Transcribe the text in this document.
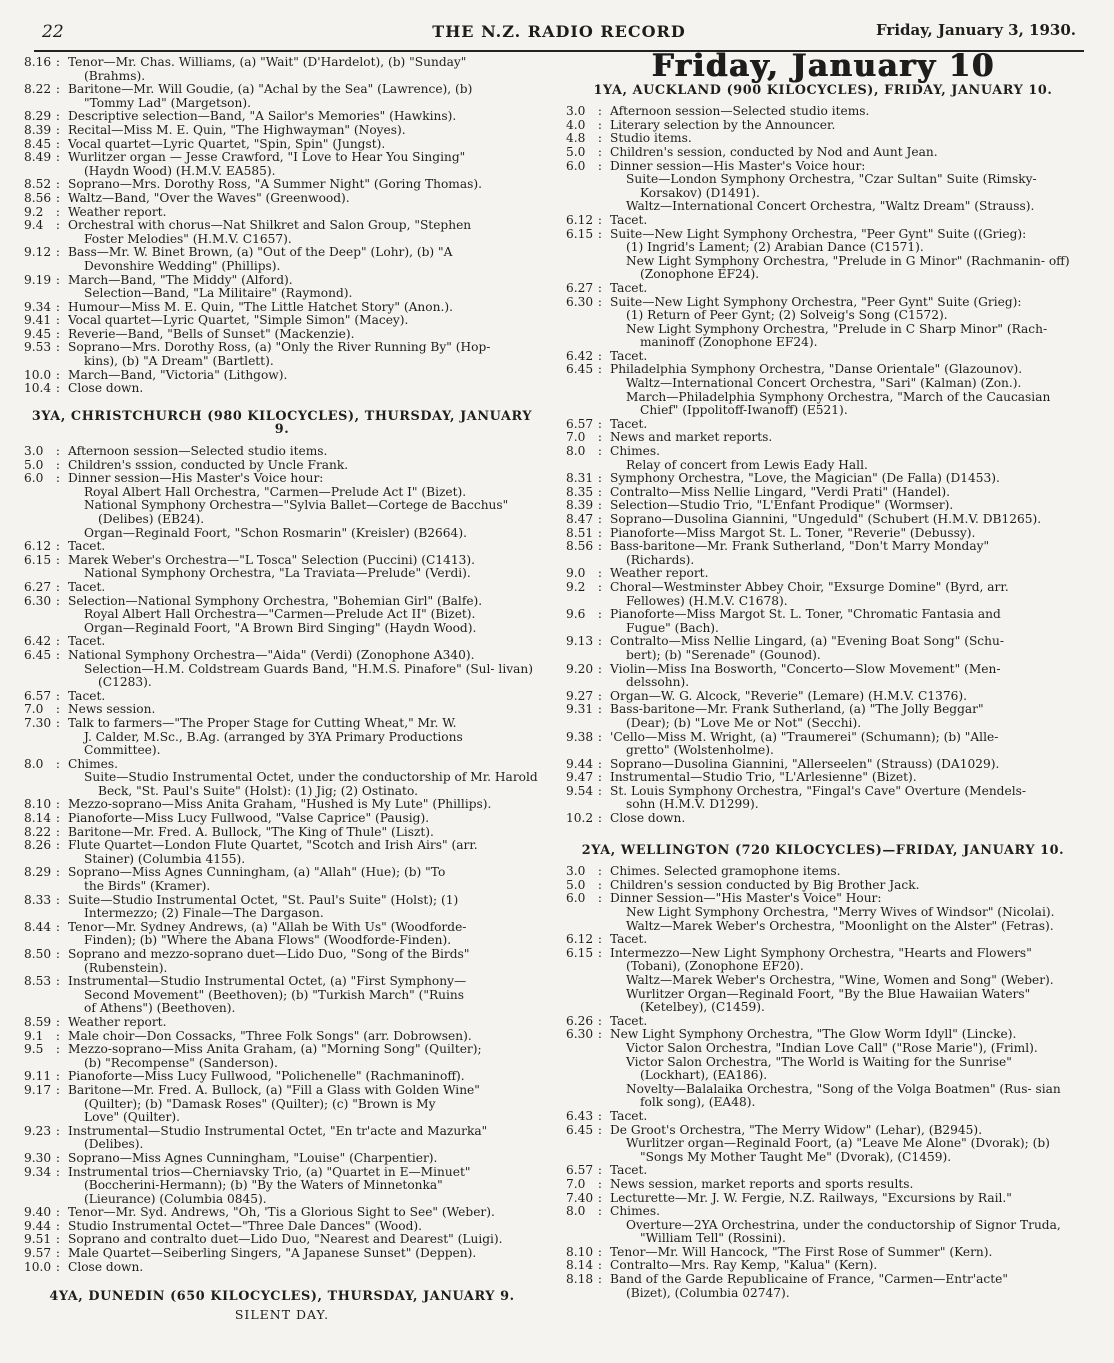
22	THE N.Z. RADIO RECORD	Friday, January 3, 1930.
8.16 :	Tenor—Mr. Chas. Williams, (a) "Wait" (D'Hardelot), (b) "Sunday"
(Brahms).
8.22 :	Baritone—Mr. Will Goudie, (a) "Achal by the Sea" (Lawrence), (b)
"Tommy Lad" (Margetson).
8.29 :	Descriptive selection—Band, "A Sailor's Memories" (Hawkins).
8.39 :	Recital—Miss M. E. Quin, "The Highwayman" (Noyes).
8.45 :	Vocal quartet—Lyric Quartet, "Spin, Spin" (Jungst).
8.49 :	Wurlitzer organ — Jesse Crawford, "I Love to Hear You Singing"
(Haydn Wood) (H.M.V. EA585).
8.52 :	Soprano—Mrs. Dorothy Ross, "A Summer Night" (Goring Thomas).
8.56 :	Waltz—Band, "Over the Waves" (Greenwood).
9.2 :	Weather report.
9.4 :	Orchestral with chorus—Nat Shilkret and Salon Group, "Stephen
Foster Melodies" (H.M.V. C1657).
9.12 :	Bass—Mr. W. Binet Brown, (a) "Out of the Deep" (Lohr), (b) "A
Devonshire Wedding" (Phillips).
9.19 :	March—Band, "The Middy" (Alford).
Selection—Band, "La Militaire" (Raymond).
9.34 :	Humour—Miss M. E. Quin, "The Little Hatchet Story" (Anon.).
9.41 :	Vocal quartet—Lyric Quartet, "Simple Simon" (Macey).
9.45 :	Reverie—Band, "Bells of Sunset" (Mackenzie).
9.53 :	Soprano—Mrs. Dorothy Ross, (a) "Only the River Running By" (Hop-
kins), (b) "A Dream" (Bartlett).
10.0 :	March—Band, "Victoria" (Lithgow).
10.4 :	Close down.
3YA, CHRISTCHURCH (980 KILOCYCLES), THURSDAY, JANUARY 9.
3.0 :	Afternoon session—Selected studio items.
5.0 :	Children's sssion, conducted by Uncle Frank.
6.0 :	Dinner session—His Master's Voice hour:
Royal Albert Hall Orchestra, "Carmen—Prelude Act I" (Bizet).
National Symphony Orchestra—"Sylvia Ballet—Cortege de Bacchus" (Delibes) (EB24).
Organ—Reginald Foort, "Schon Rosmarin" (Kreisler) (B2664).
6.12 :	Tacet.
6.15 :	Marek Weber's Orchestra—"L Tosca" Selection (Puccini) (C1413).
National Symphony Orchestra, "La Traviata—Prelude" (Verdi).
6.27 :	Tacet.
6.30 :	Selection—National Symphony Orchestra, "Bohemian Girl" (Balfe).
Royal Albert Hall Orchestra—"Carmen—Prelude Act II" (Bizet).
Organ—Reginald Foort, "A Brown Bird Singing" (Haydn Wood).
6.42 :	Tacet.
6.45 :	National Symphony Orchestra—"Aida" (Verdi) (Zonophone A340).
Selection—H.M. Coldstream Guards Band, "H.M.S. Pinafore" (Sul- livan) (C1283).
6.57 :	Tacet.
7.0 :	News session.
7.30 :	Talk to farmers—"The Proper Stage for Cutting Wheat," Mr. W.
J. Calder, M.Sc., B.Ag. (arranged by 3YA Primary Productions
Committee).
8.0 :	Chimes.
Suite—Studio Instrumental Octet, under the conductorship of Mr. Harold Beck, "St. Paul's Suite" (Holst): (1) Jig; (2) Ostinato.
8.10 :	Mezzo-soprano—Miss Anita Graham, "Hushed is My Lute" (Phillips).
8.14 :	Pianoforte—Miss Lucy Fullwood, "Valse Caprice" (Pausig).
8.22 :	Baritone—Mr. Fred. A. Bullock, "The King of Thule" (Liszt).
8.26 :	Flute Quartet—London Flute Quartet, "Scotch and Irish Airs" (arr.
Stainer) (Columbia 4155).
8.29 :	Soprano—Miss Agnes Cunningham, (a) "Allah" (Hue); (b) "To
the Birds" (Kramer).
8.33 :	Suite—Studio Instrumental Octet, "St. Paul's Suite" (Holst); (1)
Intermezzo; (2) Finale—The Dargason.
8.44 :	Tenor—Mr. Sydney Andrews, (a) "Allah be With Us" (Woodforde-
Finden); (b) "Where the Abana Flows" (Woodforde-Finden).
8.50 :	Soprano and mezzo-soprano duet—Lido Duo, "Song of the Birds"
(Rubenstein).
8.53 :	Instrumental—Studio Instrumental Octet, (a) "First Symphony—
Second Movement" (Beethoven); (b) "Turkish March" ("Ruins
of Athens") (Beethoven).
8.59 :	Weather report.
9.1 :	Male choir—Don Cossacks, "Three Folk Songs" (arr. Dobrowsen).
9.5 :	Mezzo-soprano—Miss Anita Graham, (a) "Morning Song" (Quilter);
(b) "Recompense" (Sanderson).
9.11 :	Pianoforte—Miss Lucy Fullwood, "Polichenelle" (Rachmaninoff).
9.17 :	Baritone—Mr. Fred. A. Bullock, (a) "Fill a Glass with Golden Wine"
(Quilter); (b) "Damask Roses" (Quilter); (c) "Brown is My
Love" (Quilter).
9.23 :	Instrumental—Studio Instrumental Octet, "En tr'acte and Mazurka"
(Delibes).
9.30 :	Soprano—Miss Agnes Cunningham, "Louise" (Charpentier).
9.34 :	Instrumental trios—Cherniavsky Trio, (a) "Quartet in E—Minuet"
(Boccherini-Hermann); (b) "By the Waters of Minnetonka"
(Lieurance) (Columbia 0845).
9.40 :	Tenor—Mr. Syd. Andrews, "Oh, 'Tis a Glorious Sight to See" (Weber).
9.44 :	Studio Instrumental Octet—"Three Dale Dances" (Wood).
9.51 :	Soprano and contralto duet—Lido Duo, "Nearest and Dearest" (Luigi).
9.57 :	Male Quartet—Seiberling Singers, "A Japanese Sunset" (Deppen).
10.0 :	Close down.
4YA, DUNEDIN (650 KILOCYCLES), THURSDAY, JANUARY 9.
SILENT DAY.
Friday, January 10
1YA, AUCKLAND (900 KILOCYCLES), FRIDAY, JANUARY 10.
3.0 :	Afternoon session—Selected studio items.
4.0 :	Literary selection by the Announcer.
4.8 :	Studio items.
5.0 :	Children's session, conducted by Nod and Aunt Jean.
6.0 :	Dinner session—His Master's Voice hour:
Suite—London Symphony Orchestra, "Czar Sultan" Suite (Rimsky- Korsakov) (D1491).
Waltz—International Concert Orchestra, "Waltz Dream" (Strauss).
6.12 :	Tacet.
6.15 :	Suite—New Light Symphony Orchestra, "Peer Gynt" Suite ((Grieg):
(1) Ingrid's Lament; (2) Arabian Dance (C1571).
New Light Symphony Orchestra, "Prelude in G Minor" (Rachmanin- off) (Zonophone EF24).
6.27 :	Tacet.
6.30 :	Suite—New Light Symphony Orchestra, "Peer Gynt" Suite (Grieg):
(1) Return of Peer Gynt; (2) Solveig's Song (C1572).
New Light Symphony Orchestra, "Prelude in C Sharp Minor" (Rach- maninoff (Zonophone EF24).
6.42 :	Tacet.
6.45 :	Philadelphia Symphony Orchestra, "Danse Orientale" (Glazounov).
Waltz—International Concert Orchestra, "Sari" (Kalman) (Zon.).
March—Philadelphia Symphony Orchestra, "March of the Caucasian Chief" (Ippolitoff-Iwanoff) (E521).
6.57 :	Tacet.
7.0 :	News and market reports.
8.0 :	Chimes.
Relay of concert from Lewis Eady Hall.
8.31 :	Symphony Orchestra, "Love, the Magician" (De Falla) (D1453).
8.35 :	Contralto—Miss Nellie Lingard, "Verdi Prati" (Handel).
8.39 :	Selection—Studio Trio, "L'Enfant Prodique" (Wormser).
8.47 :	Soprano—Dusolina Giannini, "Ungeduld" (Schubert (H.M.V. DB1265).
8.51 :	Pianoforte—Miss Margot St. L. Toner, "Reverie" (Debussy).
8.56 :	Bass-baritone—Mr. Frank Sutherland, "Don't Marry Monday"
(Richards).
9.0 :	Weather report.
9.2 :	Choral—Westminster Abbey Choir, "Exsurge Domine" (Byrd, arr.
Fellowes) (H.M.V. C1678).
9.6 :	Pianoforte—Miss Margot St. L. Toner, "Chromatic Fantasia and
Fugue" (Bach).
9.13 :	Contralto—Miss Nellie Lingard, (a) "Evening Boat Song" (Schu-
bert); (b) "Serenade" (Gounod).
9.20 :	Violin—Miss Ina Bosworth, "Concerto—Slow Movement" (Men-
delssohn).
9.27 :	Organ—W. G. Alcock, "Reverie" (Lemare) (H.M.V. C1376).
9.31 :	Bass-baritone—Mr. Frank Sutherland, (a) "The Jolly Beggar"
(Dear); (b) "Love Me or Not" (Secchi).
9.38 :	'Cello—Miss M. Wright, (a) "Traumerei" (Schumann); (b) "Alle-
gretto" (Wolstenholme).
9.44 :	Soprano—Dusolina Giannini, "Allerseelen" (Strauss) (DA1029).
9.47 :	Instrumental—Studio Trio, "L'Arlesienne" (Bizet).
9.54 :	St. Louis Symphony Orchestra, "Fingal's Cave" Overture (Mendels-
sohn (H.M.V. D1299).
10.2 :	Close down.
2YA, WELLINGTON (720 KILOCYCLES)—FRIDAY, JANUARY 10.
3.0 :	Chimes. Selected gramophone items.
5.0 :	Children's session conducted by Big Brother Jack.
6.0 :	Dinner Session—"His Master's Voice" Hour:
New Light Symphony Orchestra, "Merry Wives of Windsor" (Nicolai).
Waltz—Marek Weber's Orchestra, "Moonlight on the Alster" (Fetras).
6.12 :	Tacet.
6.15 :	Intermezzo—New Light Symphony Orchestra, "Hearts and Flowers"
(Tobani), (Zonophone EF20).
Waltz—Marek Weber's Orchestra, "Wine, Women and Song" (Weber).
Wurlitzer Organ—Reginald Foort, "By the Blue Hawaiian Waters" (Ketelbey), (C1459).
6.26 :	Tacet.
6.30 :	New Light Symphony Orchestra, "The Glow Worm Idyll" (Lincke).
Victor Salon Orchestra, "Indian Love Call" ("Rose Marie"), (Friml).
Victor Salon Orchestra, "The World is Waiting for the Sunrise" (Lockhart), (EA186).
Novelty—Balalaika Orchestra, "Song of the Volga Boatmen" (Rus- sian folk song), (EA48).
6.43 :	Tacet.
6.45 :	De Groot's Orchestra, "The Merry Widow" (Lehar), (B2945).
Wurlitzer organ—Reginald Foort, (a) "Leave Me Alone" (Dvorak); (b) "Songs My Mother Taught Me" (Dvorak), (C1459).
6.57 :	Tacet.
7.0 :	News session, market reports and sports results.
7.40 :	Lecturette—Mr. J. W. Fergie, N.Z. Railways, "Excursions by Rail."
8.0 :	Chimes.
Overture—2YA Orchestrina, under the conductorship of Signor Truda, "William Tell" (Rossini).
8.10 :	Tenor—Mr. Will Hancock, "The First Rose of Summer" (Kern).
8.14 :	Contralto—Mrs. Ray Kemp, "Kalua" (Kern).
8.18 :	Band of the Garde Republicaine of France, "Carmen—Entr'acte"
(Bizet), (Columbia 02747).
